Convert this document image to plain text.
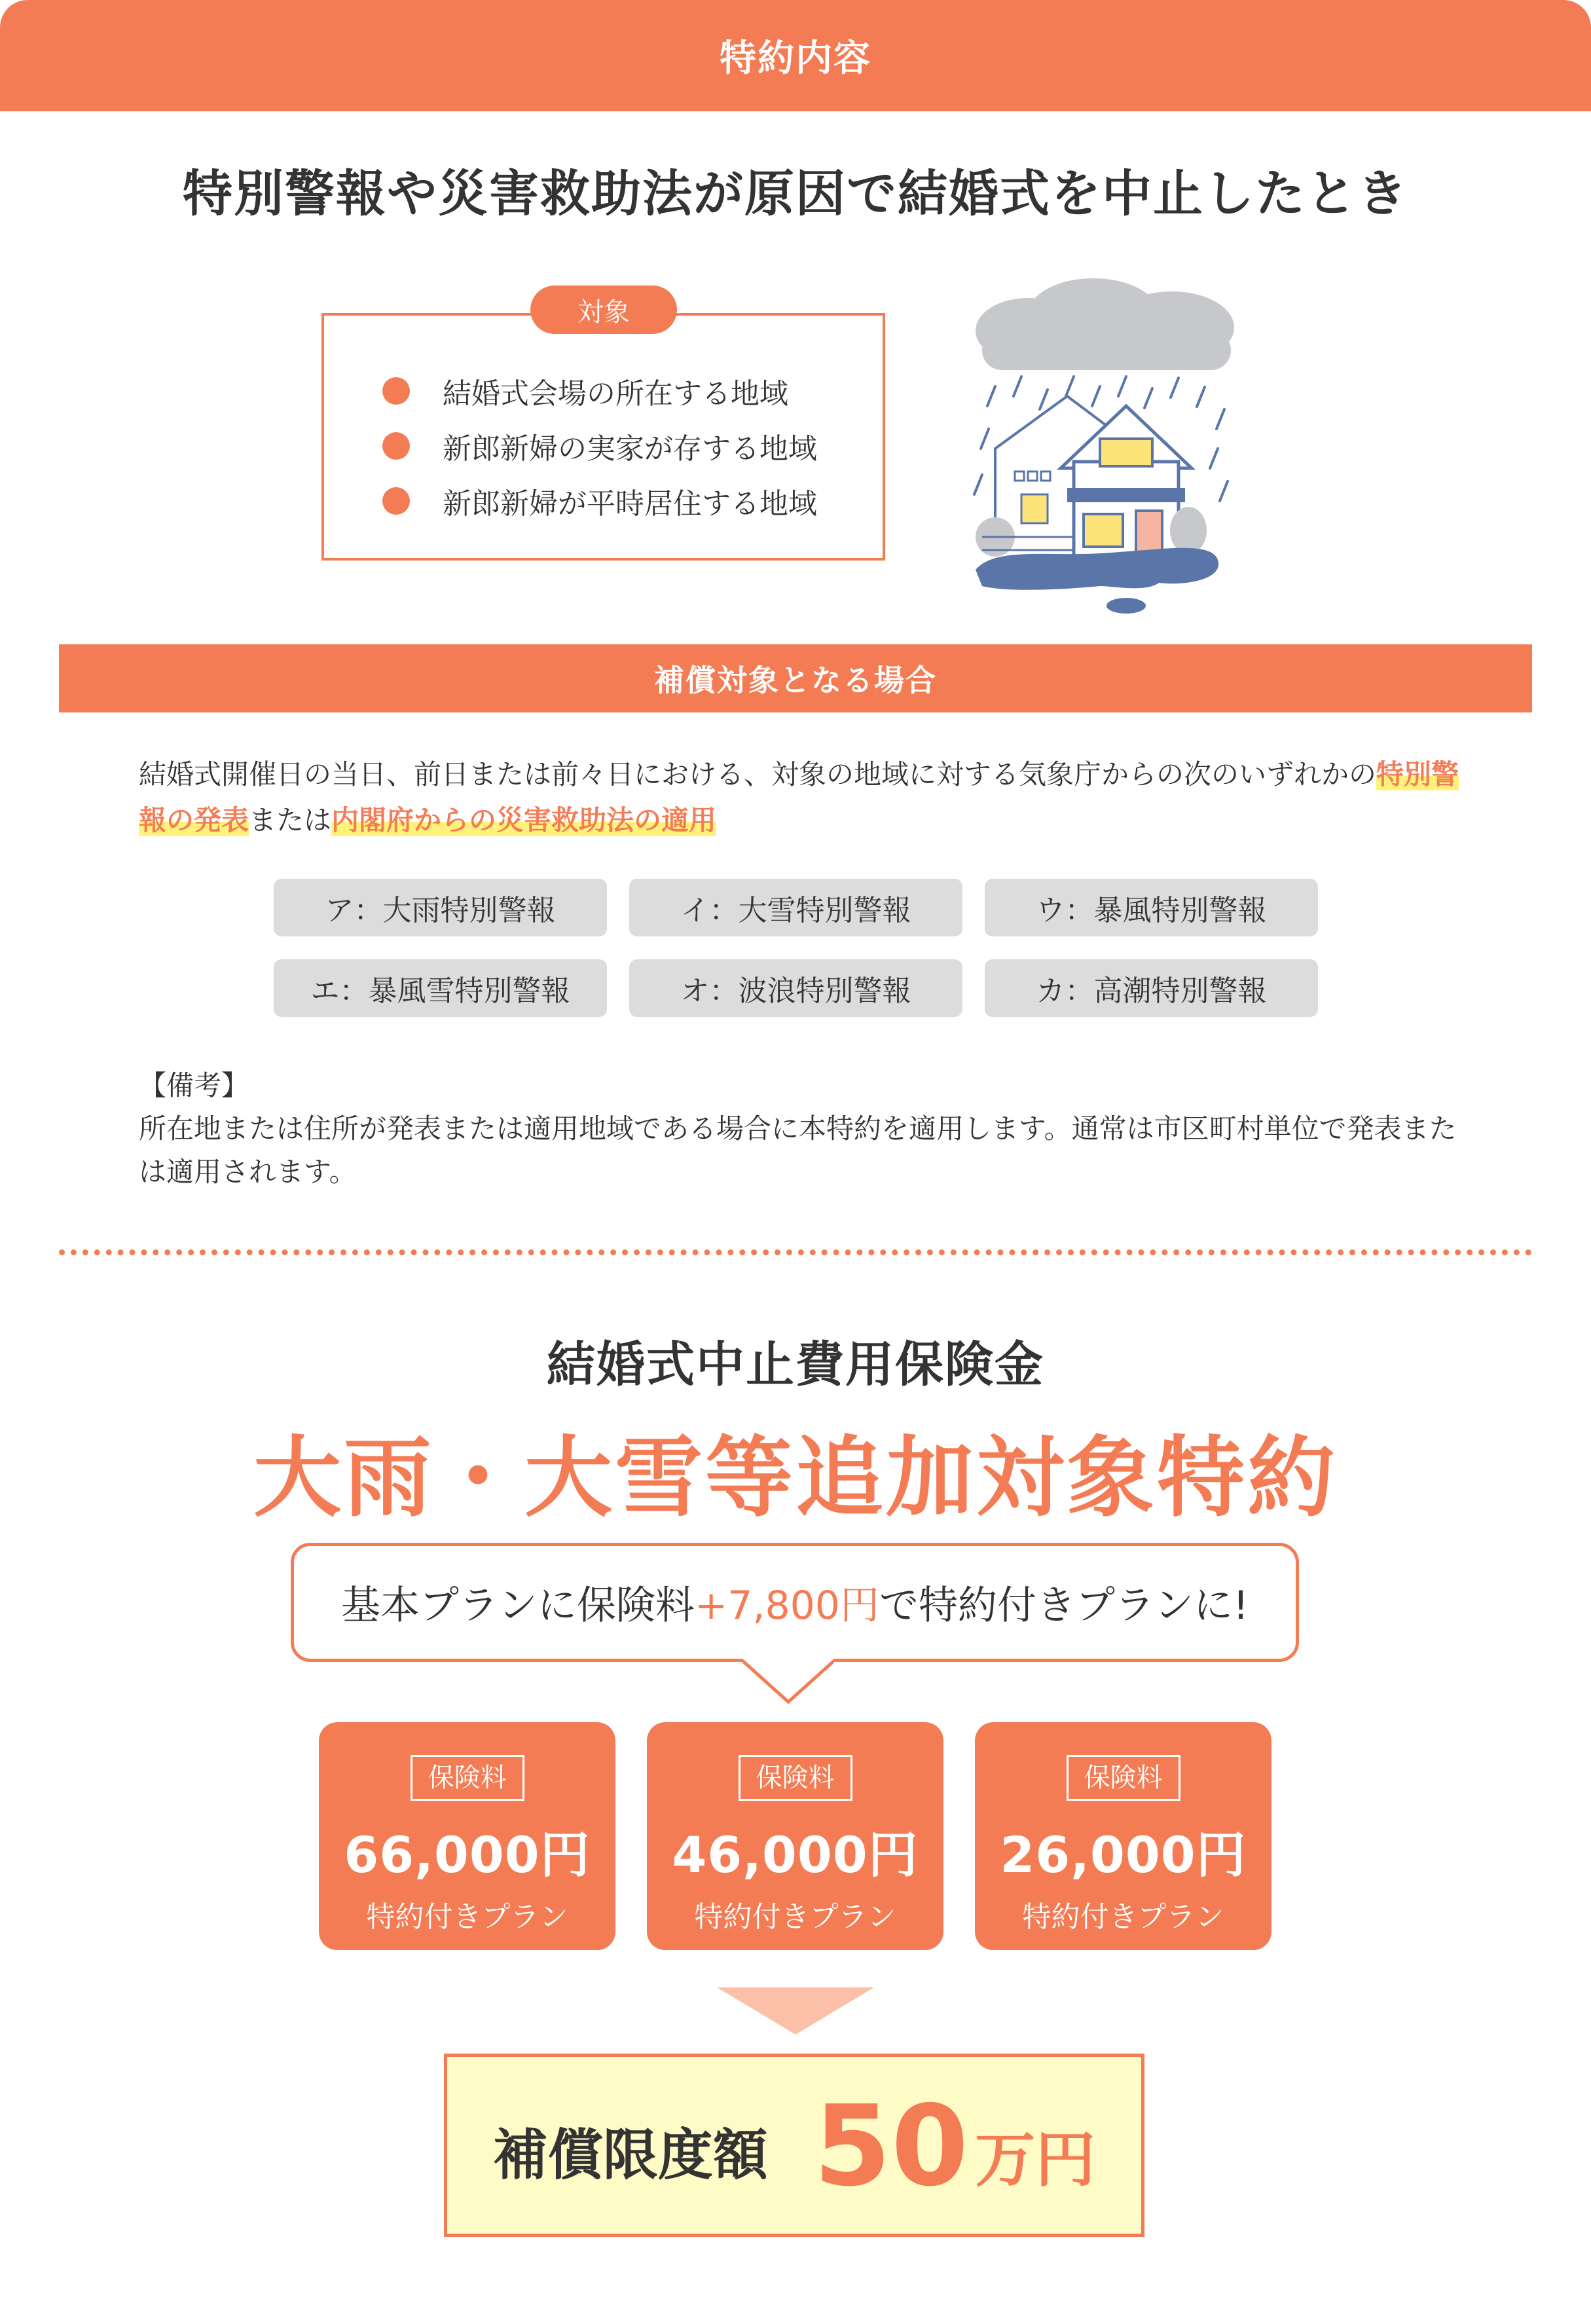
特約内容
特別警報や災害救助法が原因で結婚式を中止したとき
対象
結婚式会場の所在する地域
新郎新婦の実家が存する地域
新郎新婦が平時居住する地域
補償対象となる場合

結婚式開催日の当日、前日または前々日における、対象の地域に対する気象庁からの次のいずれかの特別警報の発表または内閣府からの災害救助法の適用

ア：大雨特別警報	イ：大雪特別警報	ウ：暴風特別警報
エ：暴風雪特別警報	オ：波浪特別警報	カ：高潮特別警報
【備考】
所在地または住所が発表または適用地域である場合に本特約を適用します。通常は市区町村単位で発表または適用されます。
結婚式中止費用保険金
大雨・大雪等追加対象特約
基本プランに保険料 +7,800円 で特約付きプランに!
保険料
66,000円
特約付きプラン
保険料
46,000円
特約付きプラン
保険料
26,000円
特約付きプラン
補償限度額 50 万円
